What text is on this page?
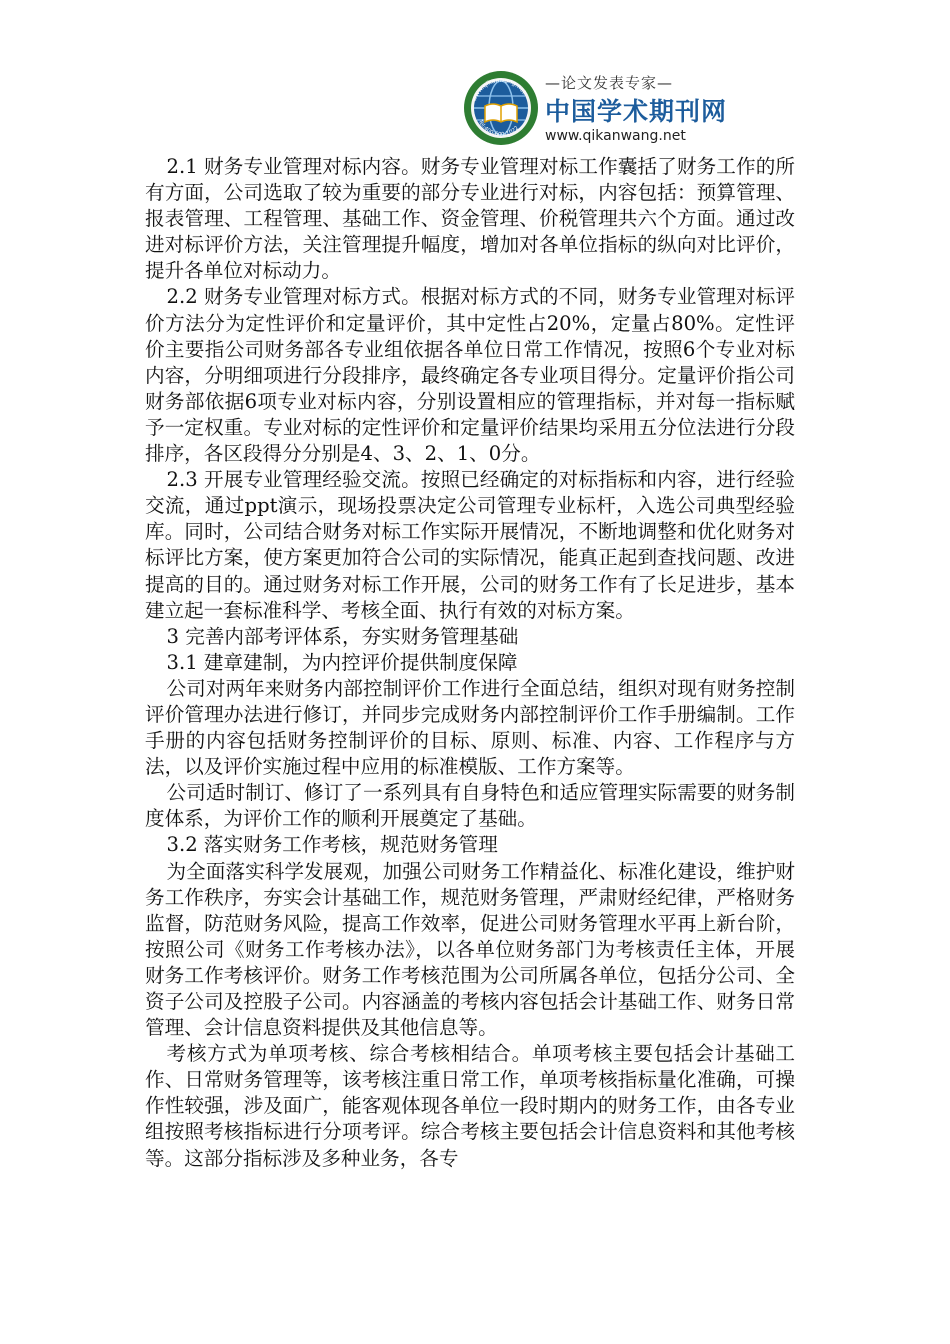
www.qikanwang.net
Tel:400-600-1022
—论文发表专家—
中国学术期刊网
www.qikanwang.net

2.1 财务专业管理对标内容。财务专业管理对标工作囊括了财务工作的所有方面，公司选取了较为重要的部分专业进行对标，内容包括：预算管理、报表管理、工程管理、基础工作、资金管理、价税管理共六个方面。通过改进对标评价方法，关注管理提升幅度，增加对各单位指标的纵向对比评价，提升各单位对标动力。

2.2 财务专业管理对标方式。根据对标方式的不同，财务专业管理对标评价方法分为定性评价和定量评价，其中定性占20%，定量占80%。定性评价主要指公司财务部各专业组依据各单位日常工作情况，按照6个专业对标内容，分明细项进行分段排序，最终确定各专业项目得分。定量评价指公司财务部依据6项专业对标内容，分别设置相应的管理指标，并对每一指标赋予一定权重。专业对标的定性评价和定量评价结果均采用五分位法进行分段排序，各区段得分分别是4、3、2、1、0分。

2.3 开展专业管理经验交流。按照已经确定的对标指标和内容，进行经验交流，通过ppt演示，现场投票决定公司管理专业标杆，入选公司典型经验库。同时，公司结合财务对标工作实际开展情况，不断地调整和优化财务对标评比方案，使方案更加符合公司的实际情况，能真正起到查找问题、改进提高的目的。通过财务对标工作开展，公司的财务工作有了长足进步，基本建立起一套标准科学、考核全面、执行有效的对标方案。

3 完善内部考评体系，夯实财务管理基础

3.1 建章建制，为内控评价提供制度保障

公司对两年来财务内部控制评价工作进行全面总结，组织对现有财务控制评价管理办法进行修订，并同步完成财务内部控制评价工作手册编制。工作手册的内容包括财务控制评价的目标、原则、标准、内容、工作程序与方法，以及评价实施过程中应用的标准模版、工作方案等。

公司适时制订、修订了一系列具有自身特色和适应管理实际需要的财务制度体系，为评价工作的顺利开展奠定了基础。

3.2 落实财务工作考核，规范财务管理

为全面落实科学发展观，加强公司财务工作精益化、标准化建设，维护财务工作秩序，夯实会计基础工作，规范财务管理，严肃财经纪律，严格财务监督，防范财务风险，提高工作效率，促进公司财务管理水平再上新台阶，按照公司《财务工作考核办法》，以各单位财务部门为考核责任主体，开展财务工作考核评价。财务工作考核范围为公司所属各单位，包括分公司、全资子公司及控股子公司。内容涵盖的考核内容包括会计基础工作、财务日常管理、会计信息资料提供及其他信息等。

考核方式为单项考核、综合考核相结合。单项考核主要包括会计基础工作、日常财务管理等，该考核注重日常工作，单项考核指标量化准确，可操作性较强，涉及面广，能客观体现各单位一段时期内的财务工作，由各专业组按照考核指标进行分项考评。综合考核主要包括会计信息资料和其他考核等。这部分指标涉及多种业务，各专
